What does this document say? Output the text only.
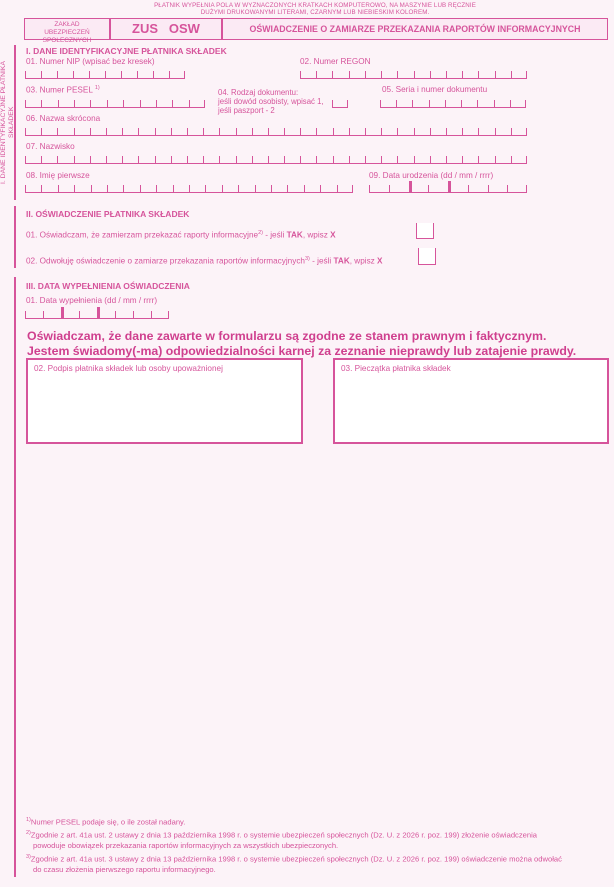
PŁATNIK WYPEŁNIA POLA W WYZNACZONYCH KRATKACH KOMPUTEROWO, NA MASZYNIE LUB RĘCZNIE
DUŻYMI DRUKOWANYMI LITERAMI, CZARNYM LUB NIEBIESKIM KOLOREM.
ZAKŁAD UBEZPIECZEŃ SPOŁECZNYCH
ZUS   OSW	OŚWIADCZENIE O ZAMIARZE PRZEKAZANIA RAPORTÓW INFORMACYJNYCH
I. DANE IDENTYFIKACYJNE PŁATNIKA SKŁADEK
I. DANE IDENTYFIKACYJNE PŁATNIKA SKŁADEK
01. Numer NIP (wpisać bez kresek)	02. Numer REGON
03. Numer PESEL $^{1)}$	04. Rodzaj dokumentu:
jeśli dowód osobisty, wpisać 1,
jeśli paszport - 2
05. Seria i numer dokumentu
06. Nazwa skrócona
07. Nazwisko
08. Imię pierwsze	09. Data urodzenia (dd / mm / rrrr)
II. OŚWIADCZENIE PŁATNIKA SKŁADEK
01. Oświadczam, że zamierzam przekazać raporty informacyjne$^{2)}$ - jeśli TAK, wpisz X
02. Odwołuję oświadczenie o zamiarze przekazania raportów informacyjnych$^{3)}$ - jeśli TAK, wpisz X
III. DATA WYPEŁNIENIA OŚWIADCZENIA
01. Data wypełnienia (dd / mm / rrrr)
Oświadczam, że dane zawarte w formularzu są zgodne ze stanem prawnym i faktycznym.
Jestem świadomy(-ma) odpowiedzialności karnej za zeznanie nieprawdy lub zatajenie prawdy.
02. Podpis płatnika składek lub osoby upoważnionej	03. Pieczątka płatnika składek
$^{1)}$Numer PESEL podaje się, o ile został nadany.
$^{2)}$Zgodnie z art. 41a ust. 2 ustawy z dnia 13 października 1998 r. o systemie ubezpieczeń społecznych (Dz. U. z 2026 r. poz. 199) złożenie oświadczenia
powoduje obowiązek przekazania raportów informacyjnych za wszystkich ubezpieczonych.
$^{3)}$Zgodnie z art. 41a ust. 3 ustawy z dnia 13 października 1998 r. o systemie ubezpieczeń społecznych (Dz. U. z 2026 r. poz. 199) oświadczenie można odwołać
do czasu złożenia pierwszego raportu informacyjnego.
